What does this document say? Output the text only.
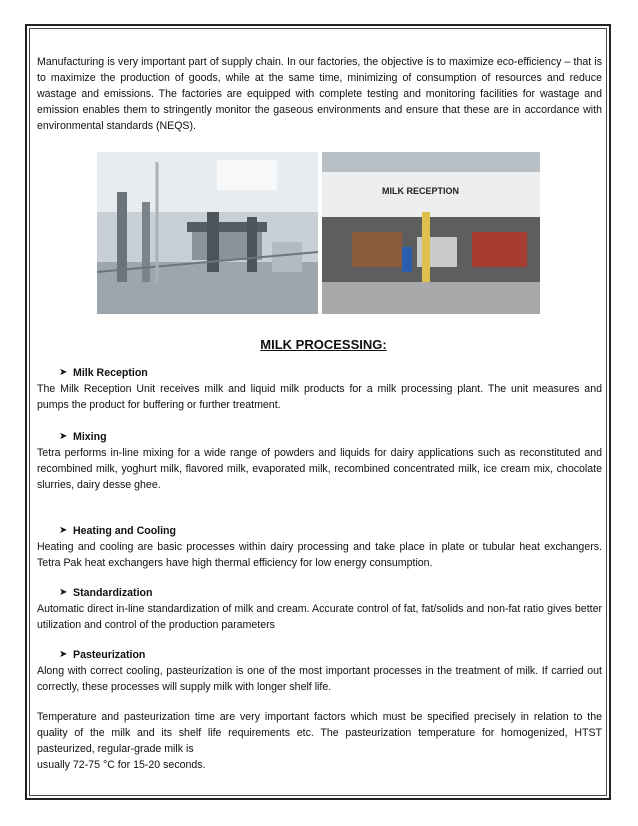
Manufacturing is very important part of supply chain. In our factories, the objective is to maximize eco-efficiency – that is to maximize the production of goods, while at the same time, minimizing of consumption of resources and reduce wastage and emissions. The factories are equipped with complete testing and monitoring facilities for wastage and emission enables them to stringently monitor the gaseous environments and ensure that these are in accordance with environmental standards (NEQS).

MILK RECEPTION
MILK PROCESSING:
➤ Milk Reception

The Milk Reception Unit receives milk and liquid milk products for a milk processing plant. The unit measures and pumps the product for buffering or further treatment.

➤ Mixing

Tetra performs in-line mixing for a wide range of powders and liquids for dairy applications such as reconstituted and recombined milk, yoghurt milk, flavored milk, evaporated milk, recombined concentrated milk, ice cream mix, chocolate slurries, dairy desse ghee.

➤ Heating and Cooling

Heating and cooling are basic processes within dairy processing and take place in plate or tubular heat exchangers. Tetra Pak heat exchangers have high thermal efficiency for low energy consumption.

➤ Standardization

Automatic direct in-line standardization of milk and cream. Accurate control of fat, fat/solids and non-fat ratio gives better utilization and control of the production parameters

➤ Pasteurization

Along with correct cooling, pasteurization is one of the most important processes in the treatment of milk. If carried out correctly, these processes will supply milk with longer shelf life.

Temperature and pasteurization time are very important factors which must be specified precisely in relation to the quality of the milk and its shelf life requirements etc. The pasteurization temperature for homogenized, HTST pasteurized, regular-grade milk is

usually 72-75 °C for 15-20 seconds.
